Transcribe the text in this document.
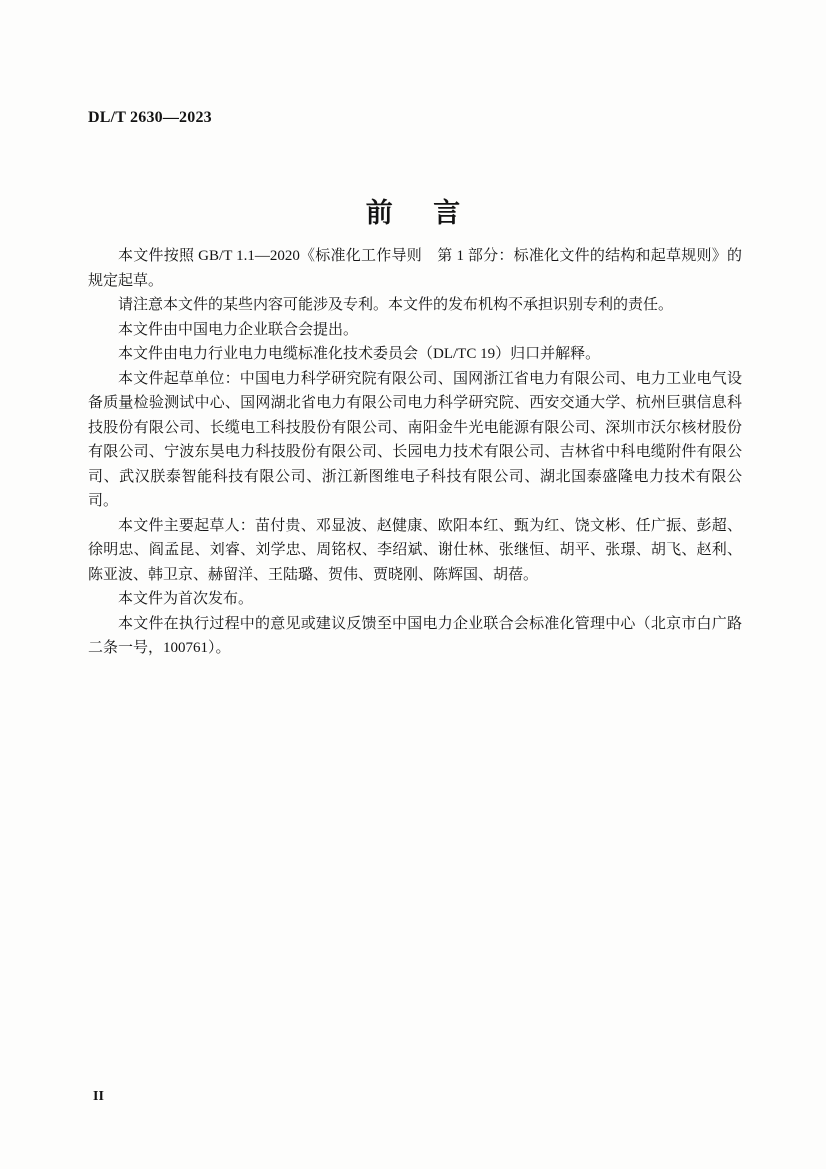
DL/T 2630—2023
前　言

本文件按照 GB/T 1.1—2020《标准化工作导则　第 1 部分：标准化文件的结构和起草规则》的规定起草。

请注意本文件的某些内容可能涉及专利。本文件的发布机构不承担识别专利的责任。

本文件由中国电力企业联合会提出。

本文件由电力行业电力电缆标准化技术委员会（DL/TC 19）归口并解释。

本文件起草单位：中国电力科学研究院有限公司、国网浙江省电力有限公司、电力工业电气设备质量检验测试中心、国网湖北省电力有限公司电力科学研究院、西安交通大学、杭州巨骐信息科技股份有限公司、长缆电工科技股份有限公司、南阳金牛光电能源有限公司、深圳市沃尔核材股份有限公司、宁波东昊电力科技股份有限公司、长园电力技术有限公司、吉林省中科电缆附件有限公司、武汉朕泰智能科技有限公司、浙江新图维电子科技有限公司、湖北国泰盛隆电力技术有限公司。

本文件主要起草人：苗付贵、邓显波、赵健康、欧阳本红、甄为红、饶文彬、任广振、彭超、徐明忠、阎孟昆、刘睿、刘学忠、周铭权、李绍斌、谢仕林、张继恒、胡平、张璟、胡飞、赵利、陈亚波、韩卫京、赫留洋、王陆璐、贺伟、贾晓刚、陈辉国、胡蓓。

本文件为首次发布。

本文件在执行过程中的意见或建议反馈至中国电力企业联合会标准化管理中心（北京市白广路二条一号，100761）。

II
